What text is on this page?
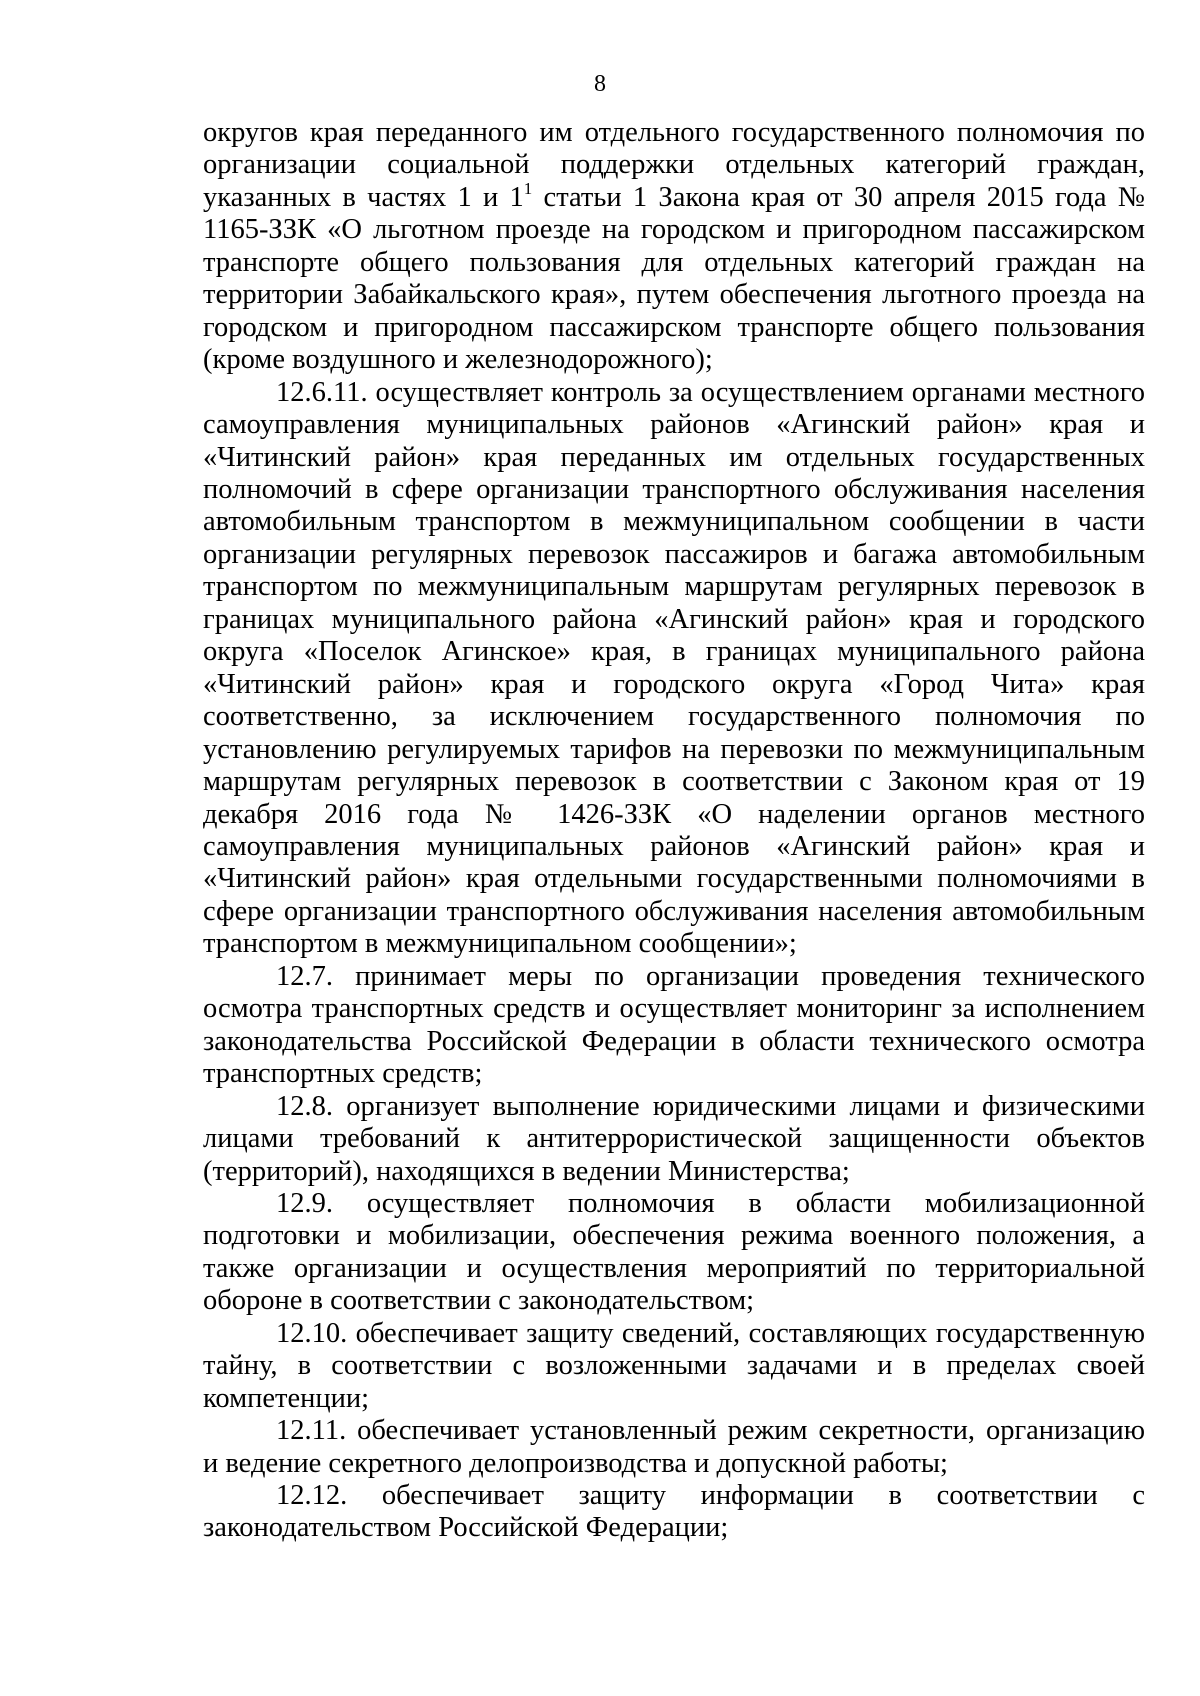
8

округов края переданного им отдельного государственного полномочия по организации социальной поддержки отдельных категорий граждан, указанных в частях 1 и $1^1$ статьи 1 Закона края от 30 апреля 2015 года № 1165-ЗЗК «О льготном проезде на городском и пригородном пассажирском транспорте общего пользования для отдельных категорий граждан на территории Забайкальского края», путем обеспечения льготного проезда на городском и пригородном пассажирском транспорте общего пользования (кроме воздушного и железнодорожного);

12.6.11. осуществляет контроль за осуществлением органами местного самоуправления муниципальных районов «Агинский район» края и «Читинский район» края переданных им отдельных государственных полномочий в сфере организации транспортного обслуживания населения автомобильным транспортом в межмуниципальном сообщении в части организации регулярных перевозок пассажиров и багажа автомобильным транспортом по межмуниципальным маршрутам регулярных перевозок в границах муниципального района «Агинский район» края и городского округа «Поселок Агинское» края, в границах муниципального района «Читинский район» края и городского округа «Город Чита» края соответственно, за исключением государственного полномочия по установлению регулируемых тарифов на перевозки по межмуниципальным маршрутам регулярных перевозок в соответствии с Законом края от 19 декабря 2016 года № 1426-ЗЗК «О наделении органов местного самоуправления муниципальных районов «Агинский район» края и «Читинский район» края отдельными государственными полномочиями в сфере организации транспортного обслуживания населения автомобильным транспортом в межмуниципальном сообщении»;

12.7. принимает меры по организации проведения технического осмотра транспортных средств и осуществляет мониторинг за исполнением законодательства Российской Федерации в области технического осмотра транспортных средств;

12.8. организует выполнение юридическими лицами и физическими лицами требований к антитеррористической защищенности объектов (территорий), находящихся в ведении Министерства;

12.9. осуществляет полномочия в области мобилизационной подготовки и мобилизации, обеспечения режима военного положения, а также организации и осуществления мероприятий по территориальной обороне в соответствии с законодательством;

12.10. обеспечивает защиту сведений, составляющих государственную тайну, в соответствии с возложенными задачами и в пределах своей компетенции;

12.11. обеспечивает установленный режим секретности, организацию и ведение секретного делопроизводства и допускной работы;

12.12. обеспечивает защиту информации в соответствии с законодательством Российской Федерации;
